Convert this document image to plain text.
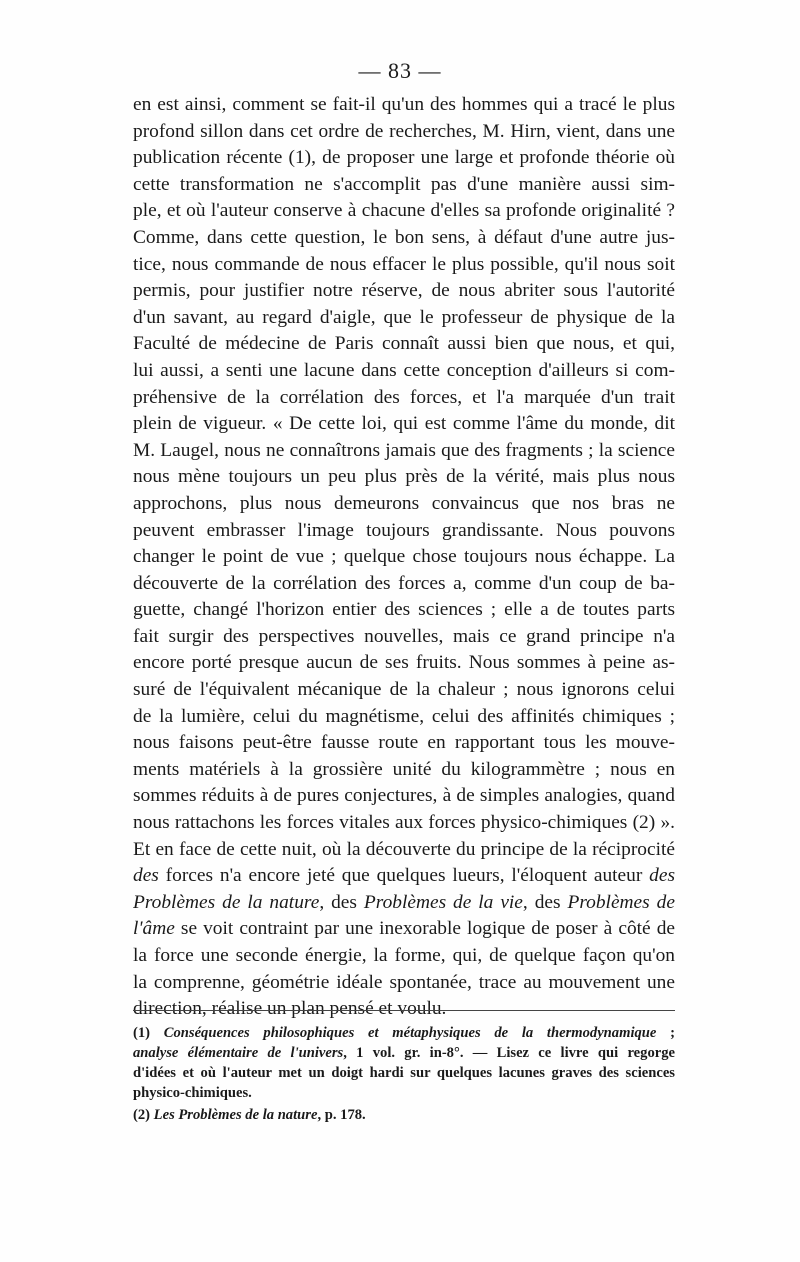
— 83 —
en est ainsi, comment se fait-il qu'un des hommes qui a tracé le plus
profond sillon dans cet ordre de recherches, M. Hirn, vient, dans une
publication récente (1), de proposer une large et profonde théorie où
cette transformation ne s'accomplit pas d'une manière aussi sim-
ple, et où l'auteur conserve à chacune d'elles sa profonde originalité ?
Comme, dans cette question, le bon sens, à défaut d'une autre jus-
tice, nous commande de nous effacer le plus possible, qu'il nous soit
permis, pour justifier notre réserve, de nous abriter sous l'autorité
d'un savant, au regard d'aigle, que le professeur de physique de la
Faculté de médecine de Paris connaît aussi bien que nous, et qui,
lui aussi, a senti une lacune dans cette conception d'ailleurs si com-
préhensive de la corrélation des forces, et l'a marquée d'un trait
plein de vigueur. « De cette loi, qui est comme l'âme du monde, dit
M. Laugel, nous ne connaîtrons jamais que des fragments ; la science
nous mène toujours un peu plus près de la vérité, mais plus nous
approchons, plus nous demeurons convaincus que nos bras ne
peuvent embrasser l'image toujours grandissante. Nous pouvons
changer le point de vue ; quelque chose toujours nous échappe. La
découverte de la corrélation des forces a, comme d'un coup de ba-
guette, changé l'horizon entier des sciences ; elle a de toutes parts
fait surgir des perspectives nouvelles, mais ce grand principe n'a
encore porté presque aucun de ses fruits. Nous sommes à peine as-
suré de l'équivalent mécanique de la chaleur ; nous ignorons celui
de la lumière, celui du magnétisme, celui des affinités chimiques ;
nous faisons peut-être fausse route en rapportant tous les mouve-
ments matériels à la grossière unité du kilogrammètre ; nous en
sommes réduits à de pures conjectures, à de simples analogies, quand
nous rattachons les forces vitales aux forces physico-chimiques (2) ».
Et en face de cette nuit, où la découverte du principe de la réciprocité
des forces n'a encore jeté que quelques lueurs, l'éloquent auteur des
Problèmes de la nature, des Problèmes de la vie, des Problèmes de
l'âme se voit contraint par une inexorable logique de poser à côté de
la force une seconde énergie, la forme, qui, de quelque façon qu'on
la comprenne, géométrie idéale spontanée, trace au mouvement une
direction, réalise un plan pensé et voulu.
(1) Conséquences philosophiques et métaphysiques de la thermodynamique ;
analyse élémentaire de l'univers, 1 vol. gr. in-8°. — Lisez ce livre qui regorge
d'idées et où l'auteur met un doigt hardi sur quelques lacunes graves des sciences
physico-chimiques.
(2) Les Problèmes de la nature, p. 178.
